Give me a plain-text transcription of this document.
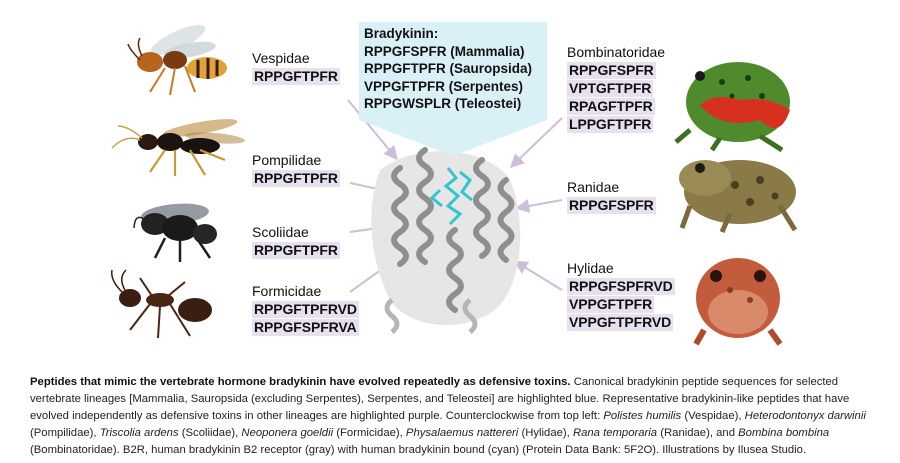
Bradykinin:
RPPGFSPFR (Mammalia)
RPPGFTPFR (Sauropsida)
VPPGFTPFR (Serpentes)
RPPGWSPLR (Teleostei)
Vespidae
RPPGFTPFR
Pompilidae
RPPGFTPFR
Scoliidae
RPPGFTPFR
Formicidae
RPPGFTPFRVD
RPPGFSPFRVA
Bombinatoridae
RPPGFSPFR
VPTGFTPFR
RPAGFTPFR
LPPGFTPFR
Ranidae
RPPGFSPFR
Hylidae
RPPGFSPFRVD
VPPGFTPFR
VPPGFTPFRVD
Peptides that mimic the vertebrate hormone bradykinin have evolved repeatedly as defensive toxins. Canonical bradykinin peptide sequences for selected vertebrate lineages [Mammalia, Sauropsida (excluding Serpentes), Serpentes, and Teleostei] are highlighted blue. Representative bradykinin-like peptides that have evolved independently as defensive toxins in other lineages are highlighted purple. Counterclockwise from top left: Polistes humilis (Vespidae), Heterodontonyx darwinii (Pompilidae), Triscolia ardens (Scoliidae), Neoponera goeldii (Formicidae), Physalaemus nattereri (Hylidae), Rana temporaria (Ranidae), and Bombina bombina (Bombinatoridae). B2R, human bradykinin B2 receptor (gray) with human bradykinin bound (cyan) (Protein Data Bank: 5F2O). Illustrations by Ilusea Studio.
